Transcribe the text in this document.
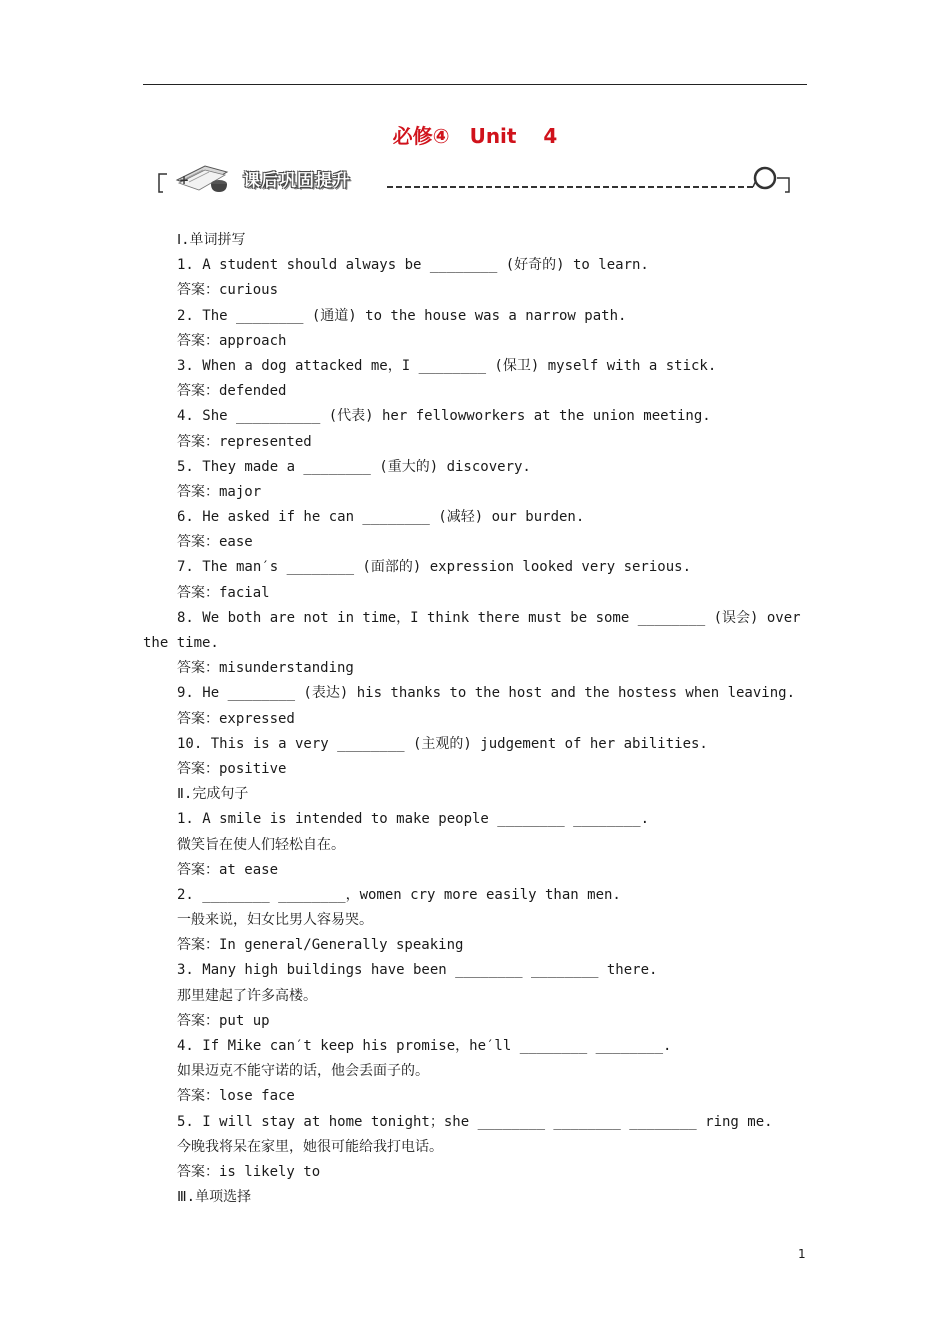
必修④　Unit 4
+	课后巩固提升
Ⅰ.单词拼写
1. A student should always be ________ (好奇的) to learn.
答案：curious
2. The ________ (通道) to the house was a narrow path.
答案：approach
3. When a dog attacked me，I ________ (保卫) myself with a stick.
答案：defended
4. She __________ (代表) her fellowworkers at the union meeting.
答案：represented
5. They made a ________ (重大的) discovery.
答案：major
6. He asked if he can ________ (减轻) our burden.
答案：ease
7. The man′s ________ (面部的) expression looked very serious.
答案：facial
8. We both are not in time，I think there must be some ________ (误会) over
the time.
答案：misunderstanding
9. He ________ (表达) his thanks to the host and the hostess when leaving.
答案：expressed
10. This is a very ________ (主观的) judgement of her abilities.
答案：positive
Ⅱ.完成句子
1. A smile is intended to make people ________ ________.
微笑旨在使人们轻松自在。
答案：at ease
2. ________ ________，women cry more easily than men.
一般来说，妇女比男人容易哭。
答案：In general/Generally speaking
3. Many high buildings have been ________ ________ there.
那里建起了许多高楼。
答案：put up
4. If Mike can′t keep his promise，he′ll ________ ________.
如果迈克不能守诺的话，他会丢面子的。
答案：lose face
5. I will stay at home tonight；she ________ ________ ________ ring me.
今晚我将呆在家里，她很可能给我打电话。
答案：is likely to
Ⅲ.单项选择
1
